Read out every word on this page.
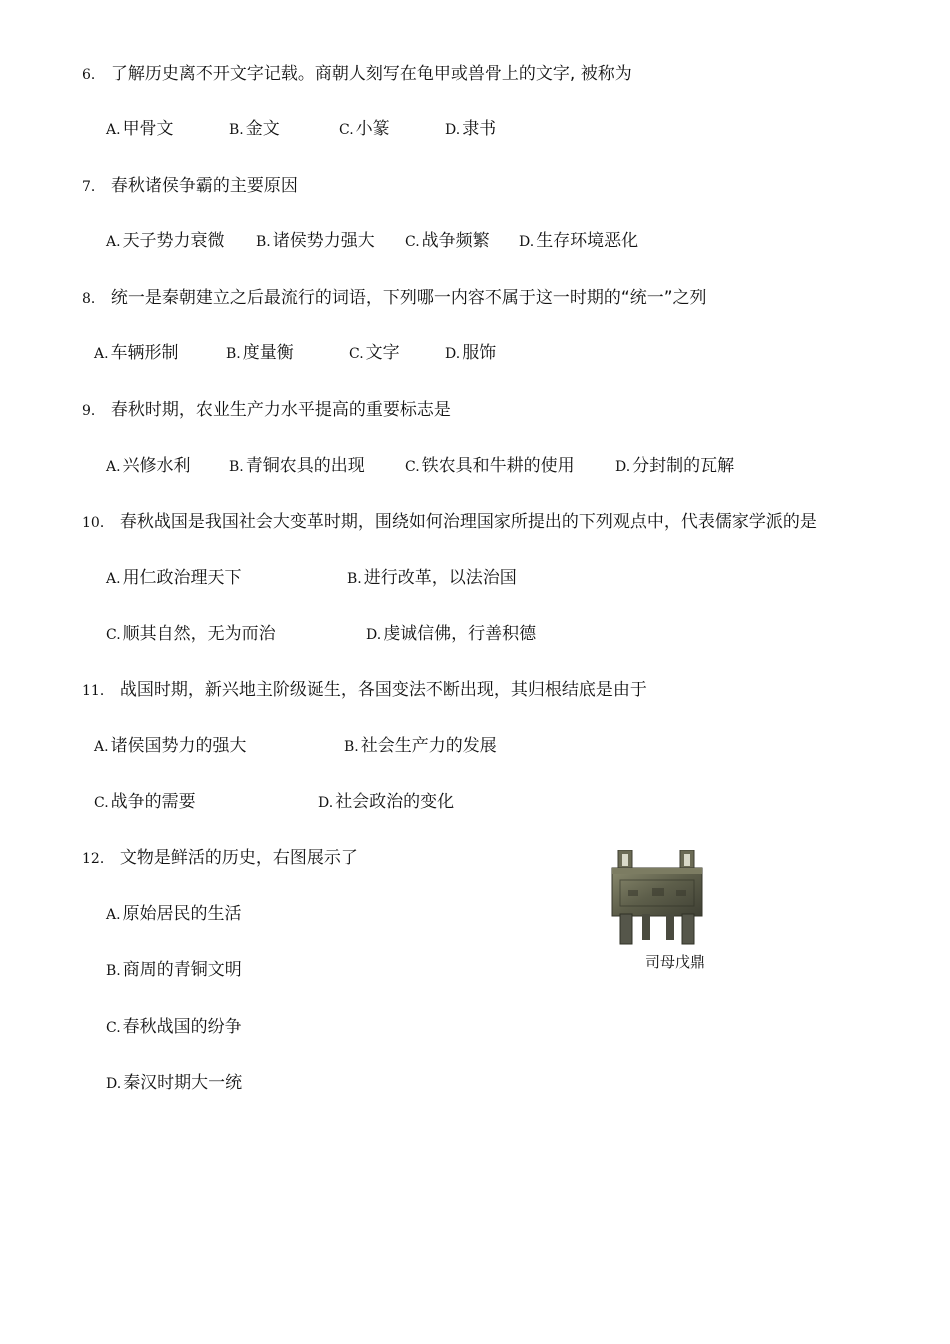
6． 了解历史离不开文字记载。商朝人刻写在龟甲或兽骨上的文字, 被称为
A. 甲骨文	B. 金文	C. 小篆	D. 隶书
7． 春秋诸侯争霸的主要原因
A. 天子势力衰微 B. 诸侯势力强大 C. 战争频繁 D. 生存环境恶化
8． 统一是秦朝建立之后最流行的词语，下列哪一内容不属于这一时期的“统一”之列
A. 车辆形制	B. 度量衡	C. 文字	D. 服饰
9． 春秋时期，农业生产力水平提高的重要标志是
A. 兴修水利	B. 青铜农具的出现	C. 铁农具和牛耕的使用	D. 分封制的瓦解
10． 春秋战国是我国社会大变革时期，围绕如何治理国家所提出的下列观点中，代表儒家学派的是
A. 用仁政治理天下	B. 进行改革，以法治国
C. 顺其自然，无为而治	D. 虔诚信佛，行善积德
11． 战国时期，新兴地主阶级诞生，各国变法不断出现，其归根结底是由于
A. 诸侯国势力的强大	B. 社会生产力的发展
C. 战争的需要	D. 社会政治的变化
12． 文物是鲜活的历史，右图展示了
A. 原始居民的生活
B. 商周的青铜文明
C. 春秋战国的纷争
D. 秦汉时期大一统
司母戊鼎
